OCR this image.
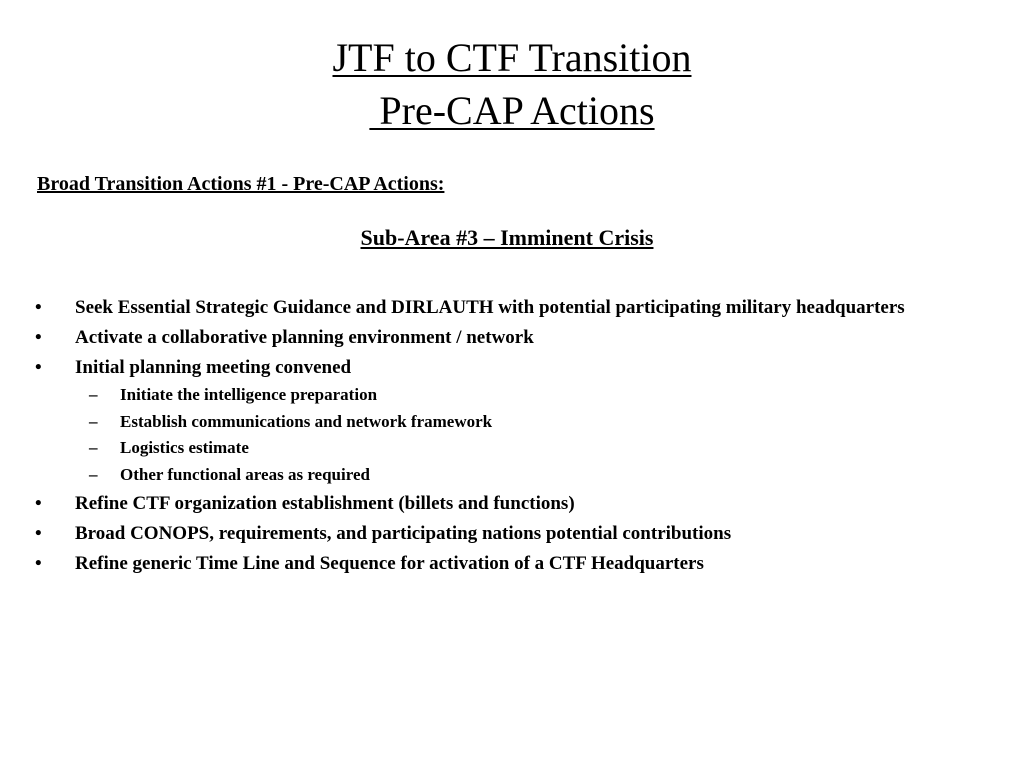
JTF to CTF Transition
Pre-CAP Actions

Broad Transition Actions #1 - Pre-CAP Actions:

Sub-Area #3 – Imminent Crisis

• Seek Essential Strategic Guidance and DIRLAUTH with potential participating military headquarters
• Activate a collaborative planning environment / network
• Initial planning meeting convened
– Initiate the intelligence preparation
– Establish communications and network framework
– Logistics estimate
– Other functional areas as required
• Refine CTF organization establishment (billets and functions)
• Broad CONOPS, requirements, and participating nations potential contributions
• Refine generic Time Line and Sequence for activation of a CTF Headquarters
